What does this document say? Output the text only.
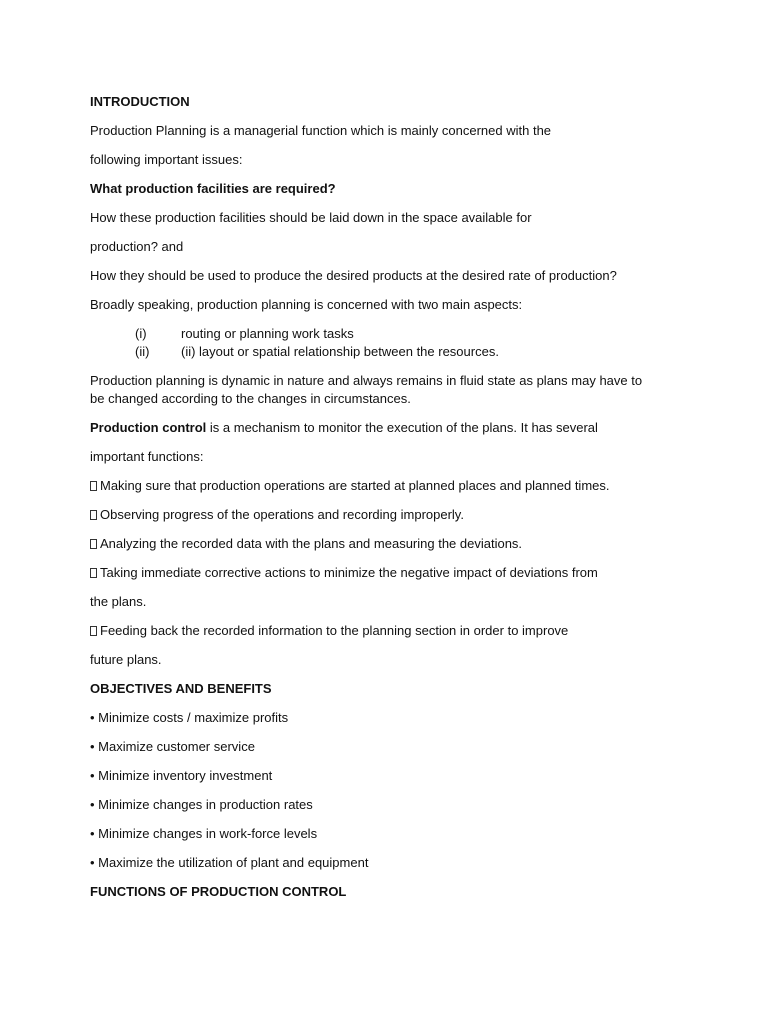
INTRODUCTION

Production Planning is a managerial function which is mainly concerned with the

following important issues:

What production facilities are required?

How these production facilities should be laid down in the space available for

production? and

How they should be used to produce the desired products at the desired rate of production?

Broadly speaking, production planning is concerned with two main aspects:

(i)	routing or planning work tasks
(ii) (ii) layout or spatial relationship between the resources.

Production planning is dynamic in nature and always remains in fluid state as plans may have to be changed according to the changes in circumstances.

Production control is a mechanism to monitor the execution of the plans. It has several

important functions:

Making sure that production operations are started at planned places and planned times.

Observing progress of the operations and recording improperly.

Analyzing the recorded data with the plans and measuring the deviations.

Taking immediate corrective actions to minimize the negative impact of deviations from

the plans.

Feeding back the recorded information to the planning section in order to improve

future plans.

OBJECTIVES AND BENEFITS

• Minimize costs / maximize profits

• Maximize customer service

• Minimize inventory investment

• Minimize changes in production rates

• Minimize changes in work-force levels

• Maximize the utilization of plant and equipment

FUNCTIONS OF PRODUCTION CONTROL
